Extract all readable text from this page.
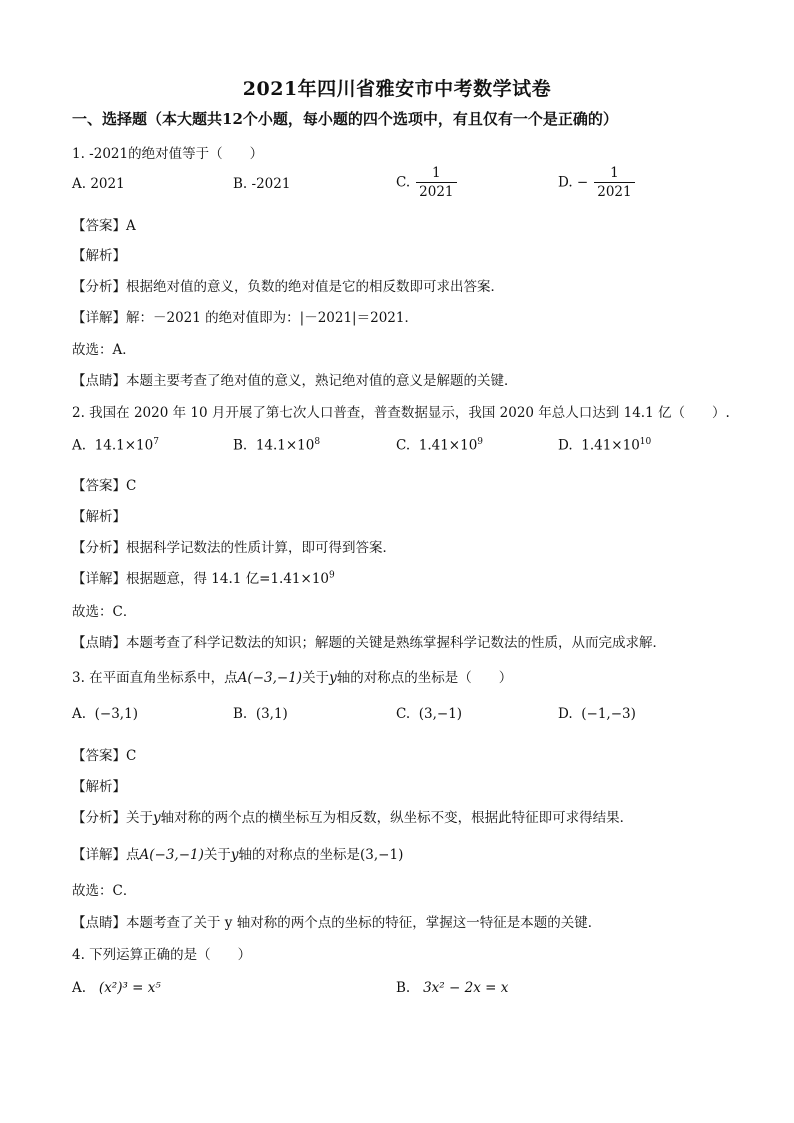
2021年四川省雅安市中考数学试卷
一、选择题（本大题共12个小题，每小题的四个选项中，有且仅有一个是正确的）
1. -2021的绝对值等于（　　）
A. 2021	B. -2021	C. $\frac{1}{2021}$	D. − $\frac{1}{2021}$
【答案】A
【解析】
【分析】根据绝对值的意义，负数的绝对值是它的相反数即可求出答案．
【详解】解：－2021 的绝对值即为：|－2021|＝2021．
故选：A．
【点睛】本题主要考查了绝对值的意义，熟记绝对值的意义是解题的关键．
2. 我国在 2020 年 10 月开展了第七次人口普查，普查数据显示，我国 2020 年总人口达到 14.1 亿（　　）.
A. $14.1\times 10^7$	B. $14.1\times 10^8$	C. $1.41\times 10^9$	D. $1.41\times 10^{10}$
【答案】C
【解析】
【分析】根据科学记数法的性质计算，即可得到答案．
【详解】根据题意，得 14.1 亿$=1.41\times 10^9$
故选：C．
【点睛】本题考查了科学记数法的知识；解题的关键是熟练掌握科学记数法的性质，从而完成求解．
3. 在平面直角坐标系中，点A(−3,−1)关于y轴的对称点的坐标是（　　）
A. (−3,1)	B. (3,1)	C. (3,−1)	D. (−1,−3)
【答案】C
【解析】
【分析】关于y轴对称的两个点的横坐标互为相反数，纵坐标不变，根据此特征即可求得结果．
【详解】点A(−3,−1)关于y轴的对称点的坐标是(3,−1)
故选：C．
【点睛】本题考查了关于 y 轴对称的两个点的坐标的特征，掌握这一特征是本题的关键．
4. 下列运算正确的是（　　）
A. (x²)³ = x⁵	B. 3x² − 2x = x
